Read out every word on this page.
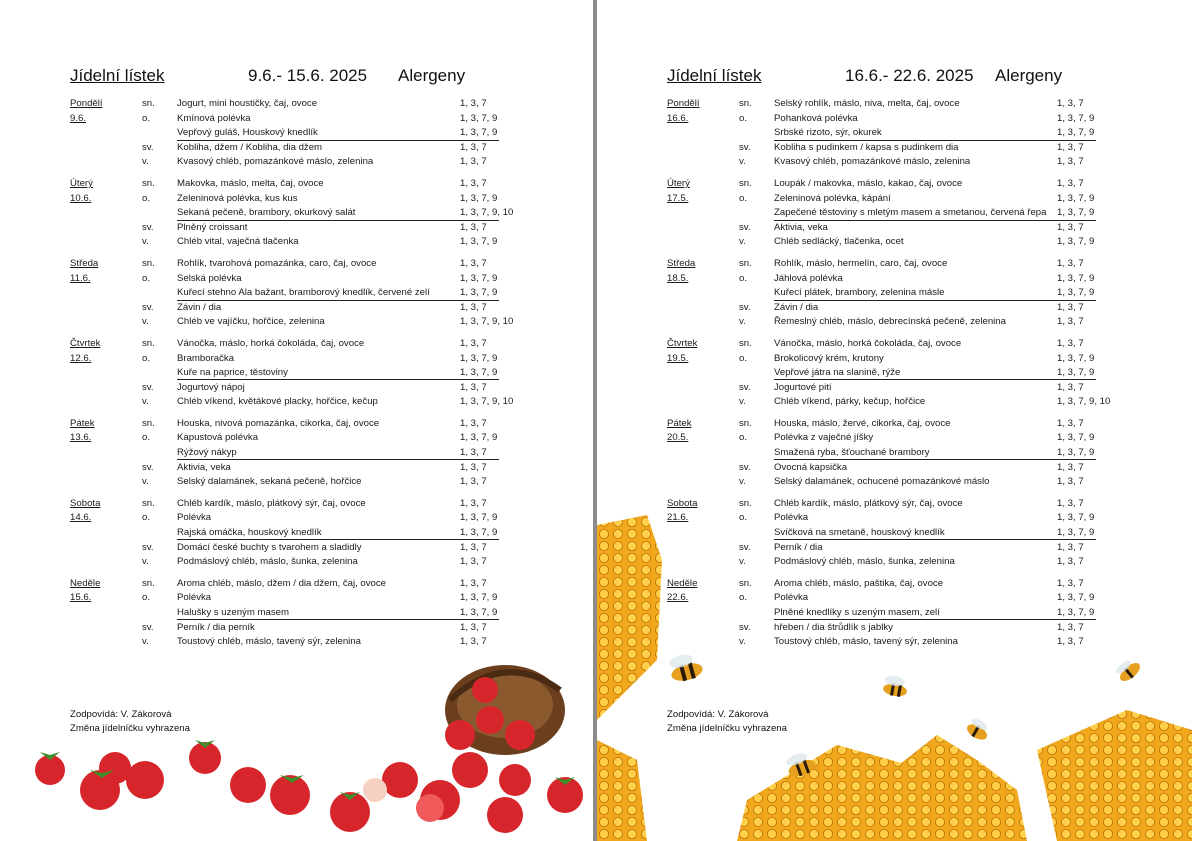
Jídelní lístek	9.6.- 15.6. 2025 Alergeny
Pondělí	sn. Jogurt, mini houstičky, čaj, ovoce	1, 3, 7
9.6.	o.	Kmínová polévka	1, 3, 7, 9
Vepřový guláš, Houskový knedlík	1, 3, 7, 9
sv. Kobliha, džem / Kobliha, dia džem	1, 3, 7
v.	Kvasový chléb, pomazánkové máslo, zelenina	1, 3, 7
Úterý	sn. Makovka, máslo, melta, čaj, ovoce	1, 3, 7
10.6.	o.	Zeleninová polévka, kus kus	1, 3, 7, 9
Sekaná pečeně, brambory, okurkový salát	1, 3, 7, 9, 10
sv. Plněný croissant	1, 3, 7
v.	Chléb vital, vaječná tlačenka	1, 3, 7, 9
Středa	sn. Rohlík, tvarohová pomazánka, caro, čaj, ovoce	1, 3, 7
11.6.	o.	Selská polévka	1, 3, 7, 9
Kuřecí stehno Ala bažant, bramborový knedlík, červené zelí	1, 3, 7, 9
sv. Závin / dia	1, 3, 7
v.	Chléb ve vajíčku, hořčice, zelenina	1, 3, 7, 9, 10
Čtvrtek	sn. Vánočka, máslo, horká čokoláda, čaj, ovoce	1, 3, 7
12.6.	o.	Bramboračka	1, 3, 7, 9
Kuře na paprice, těstoviny	1, 3, 7, 9
sv. Jogurtový nápoj	1, 3, 7
v.	Chléb víkend, květákové placky, hořčice, kečup	1, 3, 7, 9, 10
Pátek	sn. Houska, nivová pomazánka, cikorka, čaj, ovoce	1, 3, 7
13.6.	o.	Kapustová polévka	1, 3, 7, 9
Rýžový nákyp	1, 3, 7
sv. Aktivia, veka	1, 3, 7
v.	Selský dalamánek, sekaná pečeně, hořčice	1, 3, 7
Sobota	sn. Chléb kardík, máslo, plátkový sýr, čaj, ovoce	1, 3, 7
14.6.	o.	Polévka	1, 3, 7, 9
Rajská omáčka, houskový knedlík	1, 3, 7, 9
sv. Domácí české buchty s tvarohem a sladidly	1, 3, 7
v.	Podmáslový chléb, máslo, šunka, zelenina	1, 3, 7
Neděle	sn. Aroma chléb, máslo, džem / dia džem, čaj, ovoce	1, 3, 7
15.6.	o.	Polévka	1, 3, 7, 9
Halušky s uzeným masem	1, 3, 7, 9
sv. Perník / dia perník	1, 3, 7
v.	Toustový chléb, máslo, tavený sýr, zelenina	1, 3, 7
Zodpovídá: V. Zákorová
Změna jídelníčku vyhrazena
Jídelní lístek	16.6.- 22.6. 2025 Alergeny
Pondělí	sn. Selský rohlík, máslo, niva, melta, čaj, ovoce	1, 3, 7
16.6.	o.	Pohanková polévka	1, 3, 7, 9
Srbské rizoto, sýr, okurek	1, 3, 7, 9
sv. Kobliha s pudinkem / kapsa s pudinkem dia	1, 3, 7
v.	Kvasový chléb, pomazánkové máslo, zelenina	1, 3, 7
Úterý	sn. Loupák / makovka, máslo, kakao, čaj, ovoce	1, 3, 7
17.5.	o.	Zeleninová polévka, kápání	1, 3, 7, 9
Zapečené těstoviny s mletým masem a smetanou, červená řepa	1, 3, 7, 9
sv. Aktivia, veka	1, 3, 7
v.	Chléb sedlácký, tlačenka, ocet	1, 3, 7, 9
Středa	sn. Rohlík, máslo, hermelín, caro, čaj, ovoce	1, 3, 7
18.5.	o.	Jáhlová polévka	1, 3, 7, 9
Kuřecí plátek, brambory, zelenina másle	1, 3, 7, 9
sv. Závin / dia	1, 3, 7
v.	Řemeslný chléb, máslo, debrecínská pečeně, zelenina	1, 3, 7
Čtvrtek	sn. Vánočka, máslo, horká čokoláda, čaj, ovoce	1, 3, 7
19.5.	o.	Brokolicový krém, krutony	1, 3, 7, 9
Vepřové játra na slanině, rýže	1, 3, 7, 9
sv. Jogurtové pití	1, 3, 7
v.	Chléb víkend, párky, kečup, hořčice	1, 3, 7, 9, 10
Pátek	sn. Houska, máslo, žervé, cikorka, čaj, ovoce	1, 3, 7
20.5.	o.	Polévka z vaječné jíšky	1, 3, 7, 9
Smažená ryba, šťouchané brambory	1, 3, 7, 9
sv. Ovocná kapsička	1, 3, 7
v.	Selský dalamánek, ochucené pomazánkové máslo	1, 3, 7
Sobota	sn. Chléb kardík, máslo, plátkový sýr, čaj, ovoce	1, 3, 7
21.6.	o.	Polévka	1, 3, 7, 9
Svíčková na smetaně, houskový knedlík	1, 3, 7, 9
sv. Perník / dia	1, 3, 7
v.	Podmáslový chléb, máslo, šunka, zelenina	1, 3, 7
Neděle	sn. Aroma chléb, máslo, paštika, čaj, ovoce	1, 3, 7
22.6.	o.	Polévka	1, 3, 7, 9
Plněné knedlíky s uzeným masem, zelí	1, 3, 7, 9
sv. hřeben / dia štrůdlík s jablky	1, 3, 7
v.	Toustový chléb, máslo, tavený sýr, zelenina	1, 3, 7
Zodpovídá: V. Zákorová
Změna jídelníčku vyhrazena
